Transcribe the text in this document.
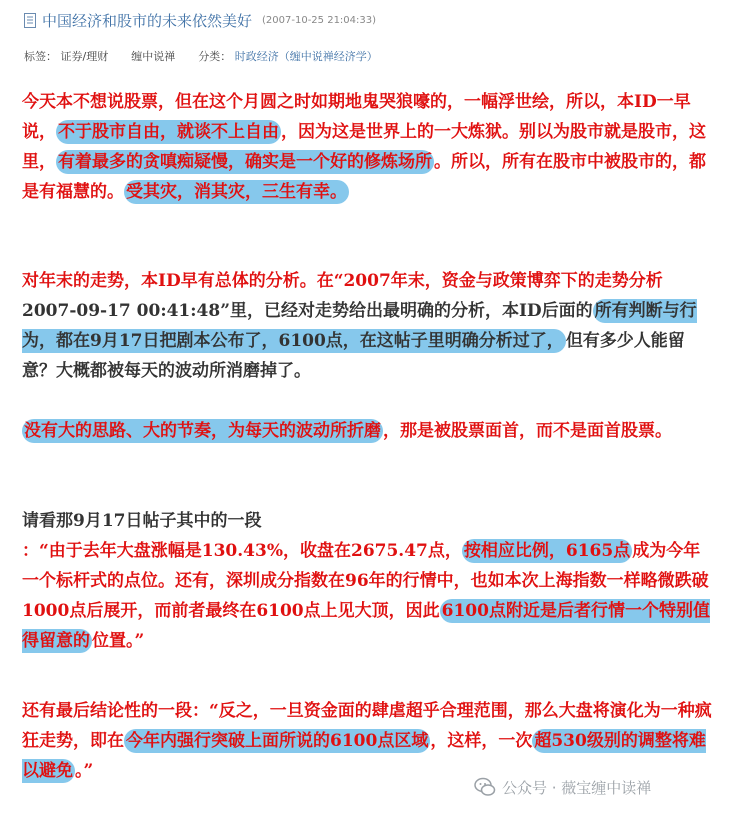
中国经济和股市的未来依然美好 (2007-10-25 21:04:33)
标签： 证券/理财 缠中说禅 分类： 时政经济（缠中说禅经济学）
今天本不想说股票，但在这个月圆之时如期地鬼哭狼嚎的，一幅浮世绘，所以，本ID一早说， 不于股市自由，就谈不上自由 ，因为这是世界上的一大炼狱。别以为股市就是股市，这里， 有着最多的贪嗔痴疑慢，确实是一个好的修炼场所 。所以，所有在股市中被股市的，都是有福慧的。 受其灾，消其灾，三生有幸。
对年末的走势，本ID早有总体的分析。在“2007年末，资金与政策博弈下的走势分析 2007-09-17 00:41:48”里，已经对走势给出最明确的分析，本ID后面的 所有判断与行为，都在9月17日把剧本公布了，6100点，在这帖子里明确分析过了， 但有多少人能留意？大概都被每天的波动所消磨掉了。
没有大的思路、大的节奏，为每天的波动所折磨 ，那是被股票面首，而不是面首股票。
请看那9月17日帖子其中的一段
：“由于去年大盘涨幅是130.43%，收盘在2675.47点， 按相应比例，6165点 成为今年一个标杆式的点位。还有，深圳成分指数在96年的行情中，也如本次上海指数一样略微跌破1000点后展开，而前者最终在6100点上见大顶，因此 6100点附近是后者行情一个特别值得留意的 位置。”
还有最后结论性的一段：“反之，一旦资金面的肆虐超乎合理范围，那么大盘将演化为一种疯狂走势，即在 今年内强行突破上面所说的6100点区域 ，这样，一次 超530级别的调整将难以避免 。”
公众号 · 薇宝缠中读禅
